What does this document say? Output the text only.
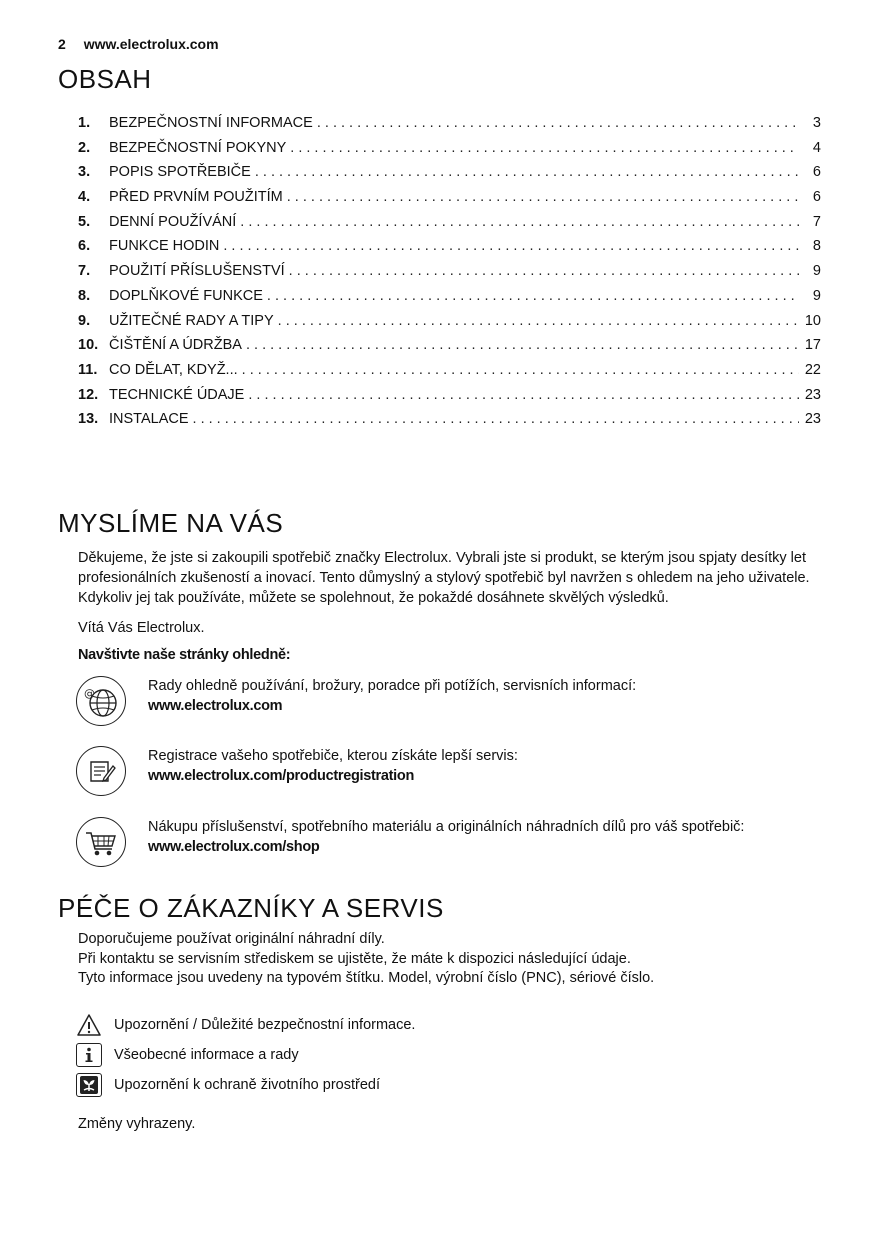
2 www.electrolux.com
OBSAH
1.	BEZPEČNOSTNÍ INFORMACE . . .	3
2.	BEZPEČNOSTNÍ POKYNY . . .	4
3.	POPIS SPOTŘEBIČE . . .	6
4.	PŘED PRVNÍM POUŽITÍM . . .	6
5.	DENNÍ POUŽÍVÁNÍ . . .	7
6.	FUNKCE HODIN . . .	8
7.	POUŽITÍ PŘÍSLUŠENSTVÍ . . .	9
8.	DOPLŇKOVÉ FUNKCE . . .	9
9.	UŽITEČNÉ RADY A TIPY . . .	10
10. ČIŠTĚNÍ A ÚDRŽBA . . .	17
11. CO DĚLAT, KDYŽ... . . .	22
12. TECHNICKÉ ÚDAJE . . .	23
13. INSTALACE . . .	23
MYSLÍME NA VÁS
Děkujeme, že jste si zakoupili spotřebič značky Electrolux. Vybrali jste si produkt, se kterým jsou spjaty desítky let profesionálních zkušeností a inovací. Tento důmyslný a stylový spotřebič byl navržen s ohledem na jeho uživatele. Kdykoliv jej tak používáte, můžete se spolehnout, že pokaždé dosáhnete skvělých výsledků.
Vítá Vás Electrolux.
Navštivte naše stránky ohledně:
@	Rady ohledně používání, brožury, poradce při potížích, servisních informací:
www.electrolux.com
Registrace vašeho spotřebiče, kterou získáte lepší servis:
www.electrolux.com/productregistration
Nákupu příslušenství, spotřebního materiálu a originálních náhradních dílů pro váš spotřebič:
www.electrolux.com/shop
PÉČE O ZÁKAZNÍKY A SERVIS
Doporučujeme používat originální náhradní díly.
Při kontaktu se servisním střediskem se ujistěte, že máte k dispozici následující údaje.
Tyto informace jsou uvedeny na typovém štítku. Model, výrobní číslo (PNC), sériové číslo.
Upozornění / Důležité bezpečnostní informace.
Všeobecné informace a rady
Upozornění k ochraně životního prostředí
Změny vyhrazeny.
